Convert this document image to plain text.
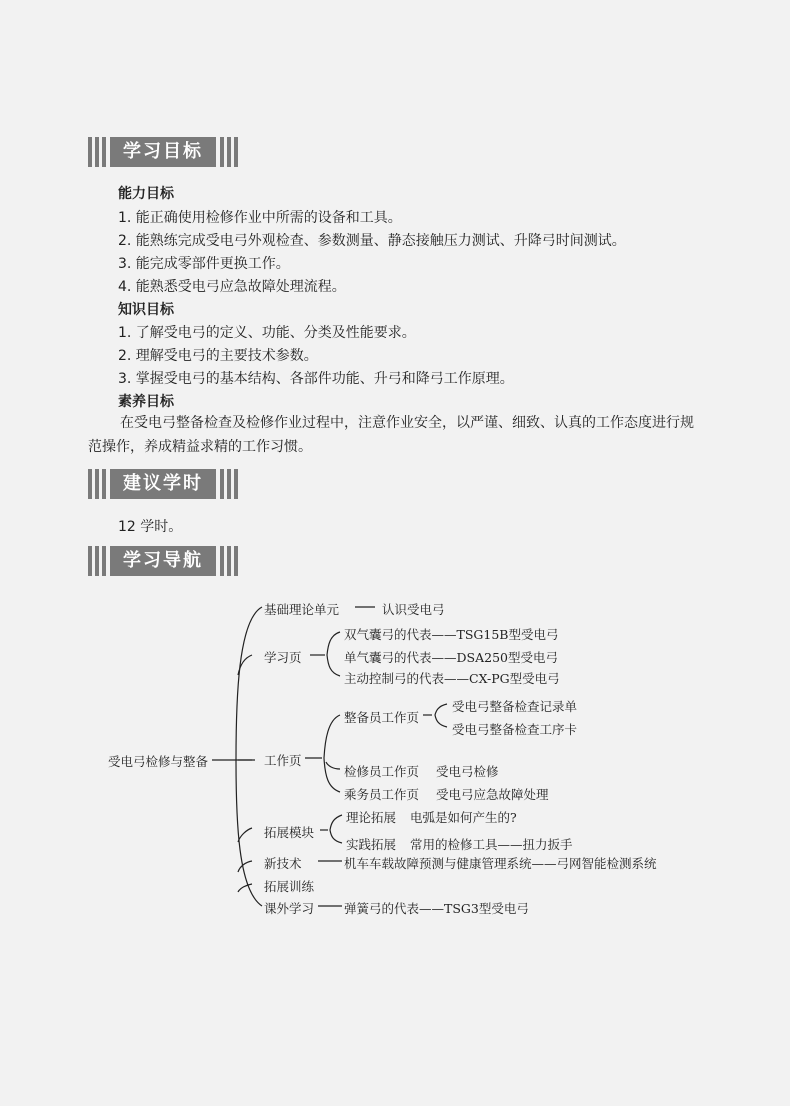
学习目标
能力目标
1. 能正确使用检修作业中所需的设备和工具。
2. 能熟练完成受电弓外观检查、参数测量、静态接触压力测试、升降弓时间测试。
3. 能完成零部件更换工作。
4. 能熟悉受电弓应急故障处理流程。
知识目标
1. 了解受电弓的定义、功能、分类及性能要求。
2. 理解受电弓的主要技术参数。
3. 掌握受电弓的基本结构、各部件功能、升弓和降弓工作原理。
素养目标
在受电弓整备检查及检修作业过程中，注意作业安全，以严谨、细致、认真的工作态度进行规范操作，养成精益求精的工作习惯。
建议学时
12 学时。
学习导航
受电弓检修与整备
基础理论单元	认识受电弓
学习页
双气囊弓的代表——TSG15B型受电弓
单气囊弓的代表——DSA250型受电弓
主动控制弓的代表——CX-PG型受电弓
工作页
整备员工作页
受电弓整备检查记录单
受电弓整备检查工序卡
检修员工作页 受电弓检修
乘务员工作页 受电弓应急故障处理
拓展模块
理论拓展 电弧是如何产生的?
实践拓展 常用的检修工具——扭力扳手
新技术	机车车载故障预测与健康管理系统——弓网智能检测系统
拓展训练
课外学习 弹簧弓的代表——TSG3型受电弓
